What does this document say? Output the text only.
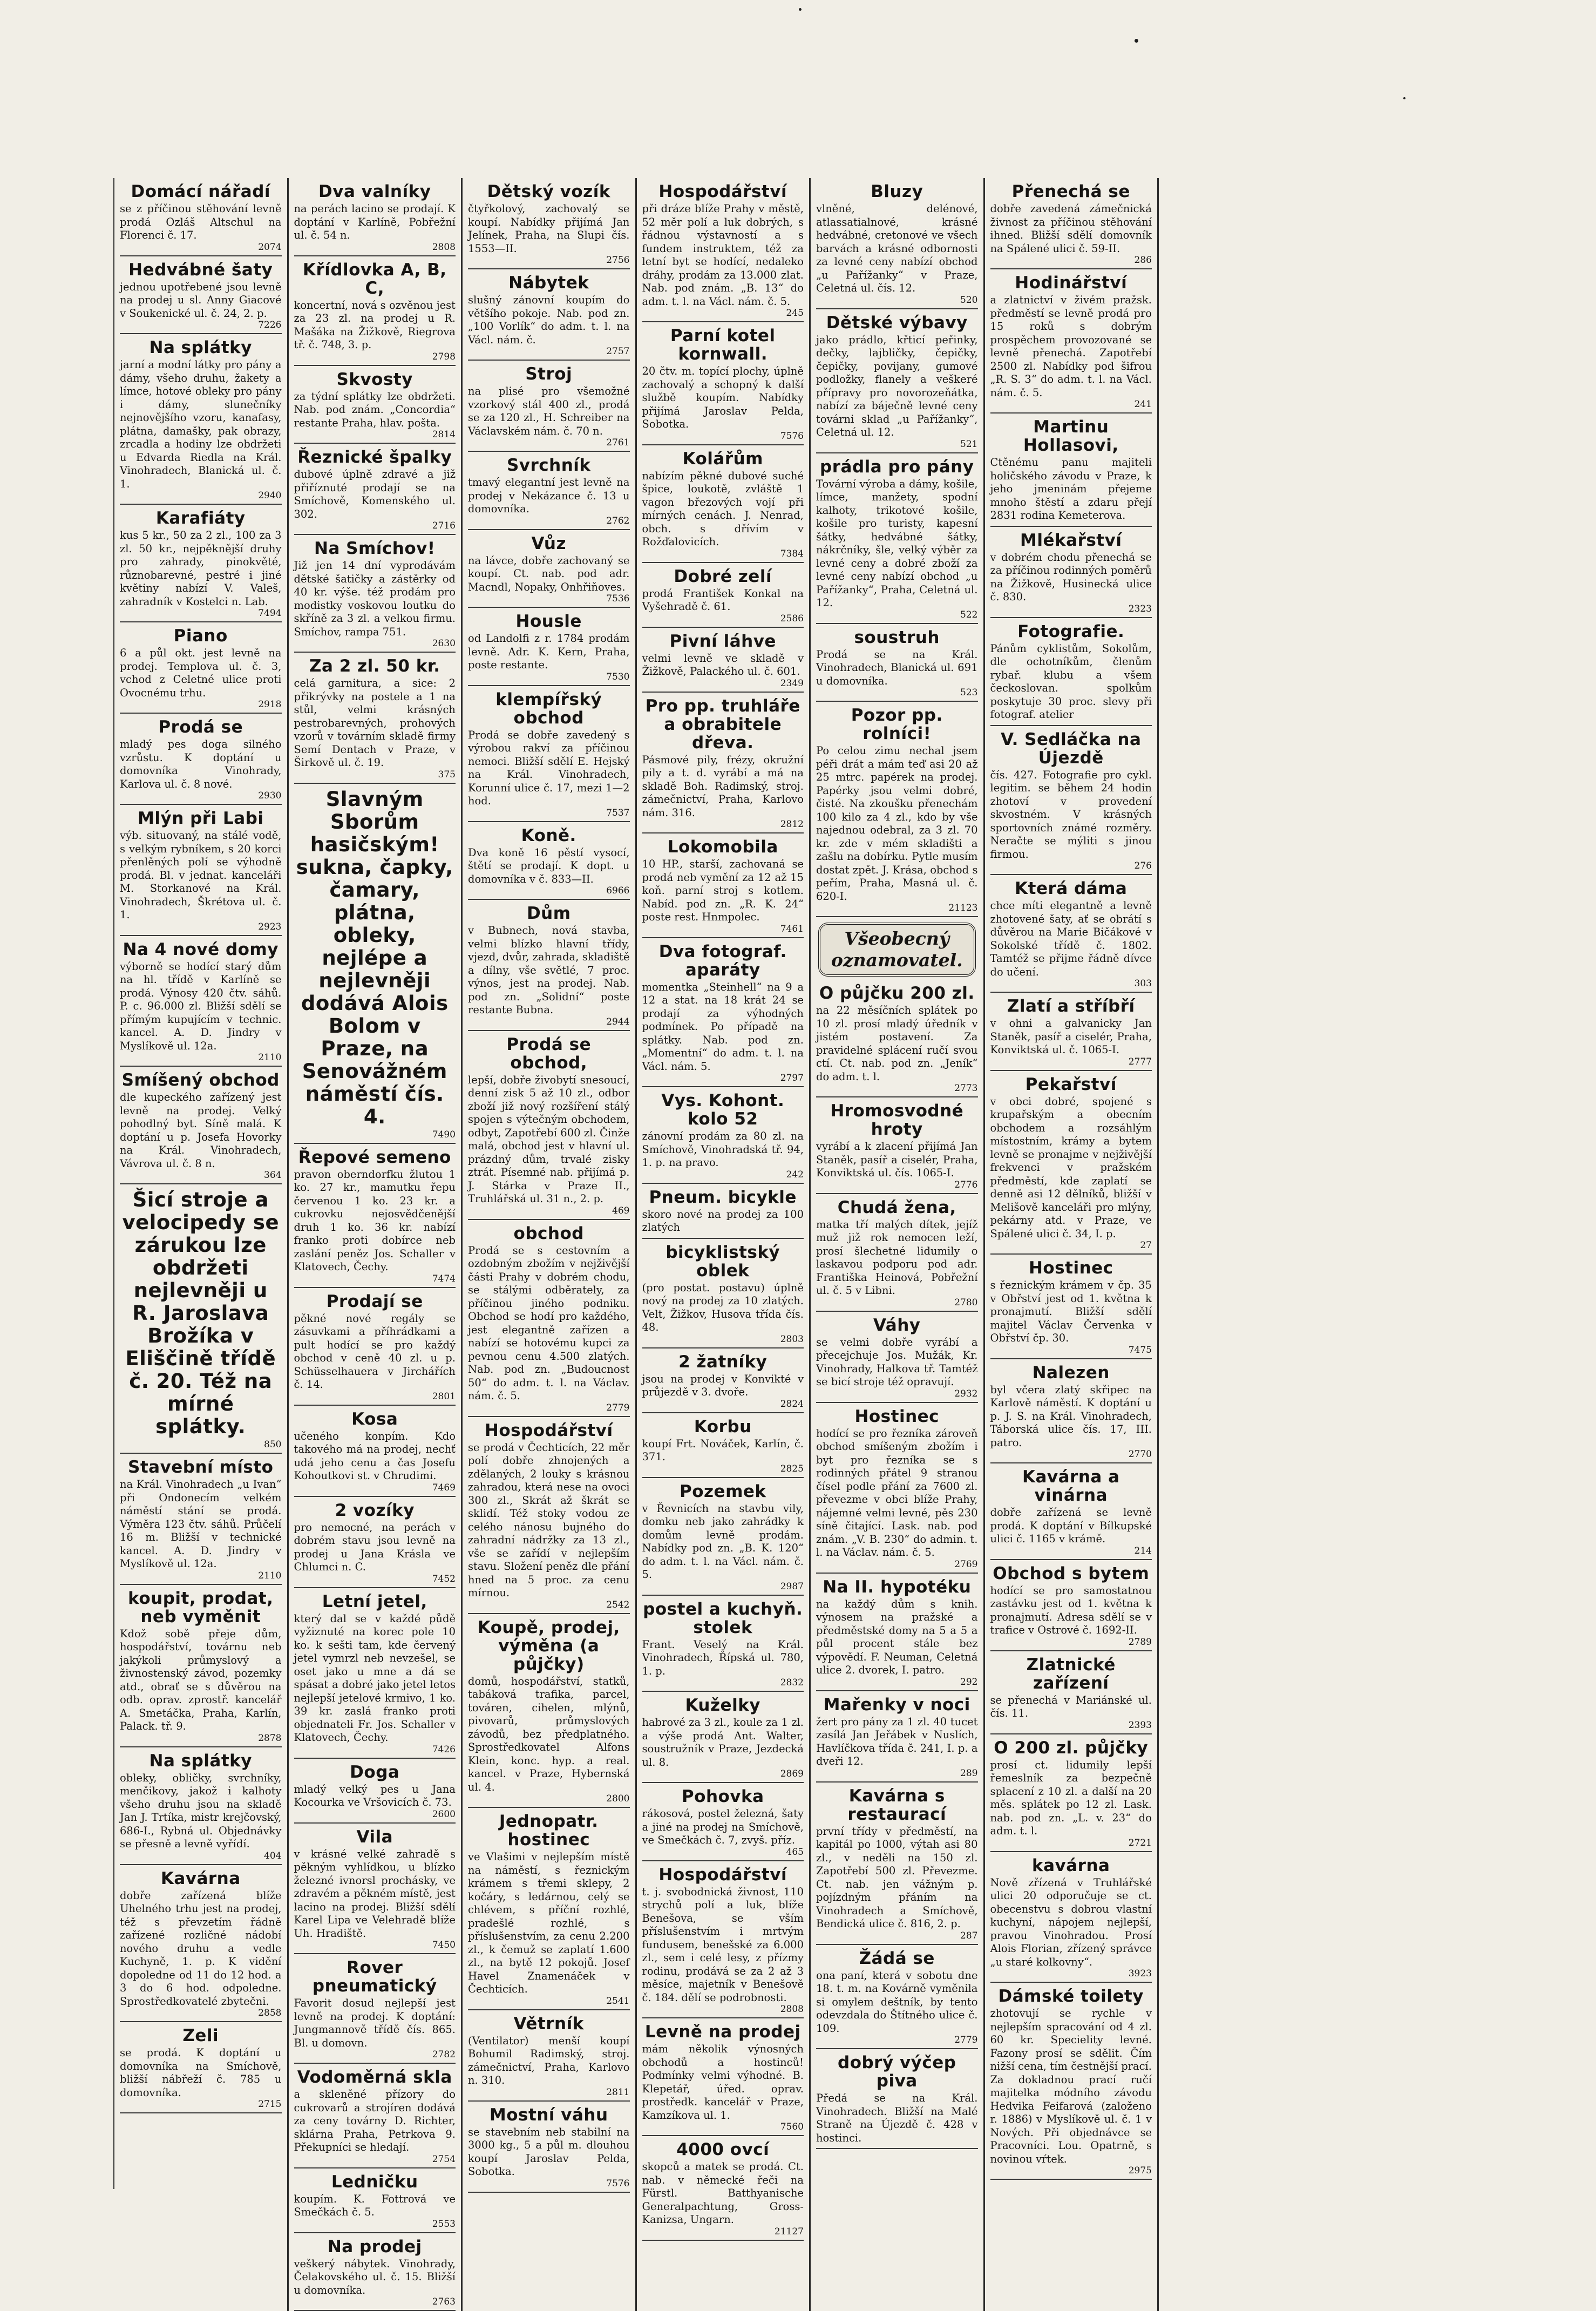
Domácí nářadí

se z příčinou stěhování levně prodá Ozláš Altschul na Florenci č. 17.

2074
Hedvábné šaty

jednou upotřebené jsou levně na prodej u sl. Anny Giacové v Soukenické ul. č. 24, 2. p.

7226
Na splátky

jarní a modní látky pro pány a dámy, všeho druhu, žakety a límce, hotové obleky pro pány i dámy, slunečníky nejnovějšího vzoru, kanafasy, plátna, damašky, pak obrazy, zrcadla a hodiny lze obdržeti u Edvarda Riedla na Král. Vinohradech, Blanická ul. č. 1.

2940
Karafiáty

kus 5 kr., 50 za 2 zl., 100 za 3 zl. 50 kr., nejpěknější druhy pro zahrady, pinokvěté, různobarevné, pestré i jiné květiny nabízí V. Valeš, zahradník v Kostelci n. Lab.

7494
Piano

6 a půl okt. jest levně na prodej. Templova ul. č. 3, vchod z Celetné ulice proti Ovocnému trhu.

2918
Prodá se

mladý pes doga silného vzrůstu. K doptání u domovníka Vinohrady, Karlova ul. č. 8 nové.

2930
Mlýn při Labi

výb. situovaný, na stálé vodě, s velkým rybníkem, s 20 korci přenlěných polí se výhodně prodá. Bl. v jednat. kanceláři M. Storkanové na Král. Vinohradech, Škrétova ul. č. 1.

2923
Na 4 nové domy

výborně se hodící starý dům na hl. třídě v Karlíně se prodá. Výnosy 420 čtv. sáhů. P. c. 96.000 zl. Bližší sdělí se přímým kupujícím v technic. kancel. A. D. Jindry v Myslíkově ul. 12a.

2110
Smíšený obchod

dle kupeckého zařízený jest levně na prodej. Velký pohodlný byt. Síně malá. K doptání u p. Josefa Hovorky na Král. Vinohradech, Vávrova ul. č. 8 n.

364
Šicí stroje a velocipedy se zárukou lze obdržeti nejlevněji u R. Jaroslava Brožíka v Eliščině třídě č. 20. Též na mírné splátky.
850
Stavební místo

na Král. Vinohradech „u Ivan“ při Ondonecím velkém náměstí stání se prodá. Výměra 123 čtv. sáhů. Průčelí 16 m. Bližší v technické kancel. A. D. Jindry v Myslíkově ul. 12a.

2110
koupit, prodat, neb vyměnit

Kdož sobě přeje dům, hospodářství, továrnu neb jakýkoli průmyslový a živnostenský závod, pozemky atd., obrať se s důvěrou na odb. oprav. zprostř. kancelář A. Smetáčka, Praha, Karlín, Palack. tř. 9.

2878
Na splátky

obleky, obličky, svrchníky, menčikovy, jakož i kalhoty všeho druhu jsou na skladě Jan J. Trtíka, mistr krejčovský, 686-I., Rybná ul. Objednávky se přesně a levně vyřídí.

404
Kavárna

dobře zařízená blíže Uhelného trhu jest na prodej, též s převzetím řádně zařízené rozličné nádobí nového druhu a vedle Kuchyně, 1. p. K vidění dopoledne od 11 do 12 hod. a 3 do 6 hod. odpoledne. Sprostředkovatelé zbytečni.

2858
Zeli

se prodá. K doptání u domovníka na Smíchově, bližší nábřeží č. 785 u domovníka.

2715
Dva valníky

na perách lacino se prodají. K doptání v Karlíně, Pobřežní ul. č. 54 n.

2808
Křídlovka A, B, C,

koncertní, nová s ozvěnou jest za 23 zl. na prodej u R. Mašáka na Žižkově, Riegrova tř. č. 748, 3. p.

2798
Skvosty

za týdní splátky lze obdržeti. Nab. pod znám. „Concordia“ restante Praha, hlav. pošta.

2814
Řeznické špalky

dubové úplně zdravé a již přiříznuté prodají se na Smíchově, Komenského ul. 302.

2716
Na Smíchov!

Již jen 14 dní vyprodávám dětské šatičky a zástěrky od 40 kr. výše. též prodám pro modistky voskovou loutku do skříně za 3 zl. a velkou firmu. Smíchov, rampa 751.

2630
Za 2 zl. 50 kr.

celá garnitura, a sice: 2 přikrývky na postele a 1 na stůl, velmi krásných pestrobarevných, prohových vzorů v továrním skladě firmy Semí Dentach v Praze, v Širkově ul. č. 19.

375
Slavným Sborům hasičským! sukna, čapky, čamary, plátna, obleky, nejlépe a nejlevněji dodává Alois Bolom v Praze, na Senovážném náměstí čís. 4.
7490
Řepové semeno

pravon oberndorfku žlutou 1 ko. 27 kr., mamutku řepu červenou 1 ko. 23 kr. a cukrovku nejosvědčenější druh 1 ko. 36 kr. nabízí franko proti dobírce neb zaslání peněz Jos. Schaller v Klatovech, Čechy.

7474
Prodají se

pěkné nové regály se zásuvkami a příhrádkami a pult hodící se pro každý obchod v ceně 40 zl. u p. Schüsselhauera v Jirchářích č. 14.

2801
Kosa

učeného konpím. Kdo takového má na prodej, nechť udá jeho cenu a čas Josefu Kohoutkovi st. v Chrudimi.

7469
2 vozíky

pro nemocné, na perách v dobrém stavu jsou levně na prodej u Jana Krásla ve Chlumci n. C.

7452
Letní jetel,

který dal se v každé půdě vyžiznuté na korec pole 10 ko. k sešti tam, kde červený jetel vymrzl neb nevzešel, se oset jako u mne a dá se spásat a dobré jako jetel letos nejlepší jetelové krmivo, 1 ko. 39 kr. zaslá franko proti objednateli Fr. Jos. Schaller v Klatovech, Čechy.

7426
Doga

mladý velký pes u Jana Kocourka ve Vršovicích č. 73.

2600
Vila

v krásné velké zahradě s pěkným vyhlídkou, u blízko železné ivnorsl prochásky, ve zdravém a pěkném místě, jest lacino na prodej. Bližší sdělí Karel Lipa ve Velehradě blíže Uh. Hradiště.

7450
Rover pneumatický

Favorit dosud nejlepší jest levně na prodej. K doptání: Jungmannově třídě čís. 865. Bl. u domovn.

2782
Vodoměrná skla

a skleněné přízory do cukrovarů a strojíren dodává za ceny továrny D. Richter, sklárna Praha, Petrkova 9. Překupníci se hledají.

2754
Ledničku

koupím. K. Fottrová ve Smečkách č. 5.

2553
Na prodej

veškerý nábytek. Vinohrady, Čelakovského ul. č. 15. Bližší u domovníka.

2763
Dětský vozík

čtyřkolový, zachovalý se koupí. Nabídky přijímá Jan Jelínek, Praha, na Slupi čís. 1553—II.

2756
Nábytek

slušný zánovní koupím do většího pokoje. Nab. pod zn. „100 Vorlík“ do adm. t. l. na Václ. nám. č.

2757
Stroj

na plisé pro všemožné vzorkový stál 400 zl., prodá se za 120 zl., H. Schreiber na Václavském nám. č. 70 n.

2761
Svrchník

tmavý elegantní jest levně na prodej v Nekázance č. 13 u domovníka.

2762
Vůz

na lávce, dobře zachovaný se koupí. Ct. nab. pod adr. Macndl, Nopaky, Onhřiňoves.

7536
Housle

od Landolfi z r. 1784 prodám levně. Adr. K. Kern, Praha, poste restante.

7530
klempířský obchod

Prodá se dobře zavedený s výrobou rakví za příčinou nemoci. Bližší sdělí E. Hejský na Král. Vinohradech, Korunní ulice č. 17, mezi 1—2 hod.

7537
Koně.

Dva koně 16 pěstí vysocí, štětí se prodají. K dopt. u domovníka v č. 833—II.

6966
Dům

v Bubnech, nová stavba, velmi blízko hlavní třídy, vjezd, dvůr, zahrada, skladiště a dílny, vše světlé, 7 proc. výnos, jest na prodej. Nab. pod zn. „Solidní“ poste restante Bubna.

2944
Prodá se obchod,

lepší, dobře živobytí snesoucí, denní zisk 5 až 10 zl., odbor zboží již nový rozšíření stálý spojen s výtečným obchodem, odbyt, Zapotřebí 600 zl. Činže malá, obchod jest v hlavní ul. prázdný dům, trvalé zisky ztrát. Písemné nab. přijímá p. J. Stárka v Praze II., Truhlářská ul. 31 n., 2. p.

469
obchod

Prodá se s cestovním a ozdobným zbožím v nejživější části Prahy v dobrém chodu, se stálými odběrately, za příčinou jiného podniku. Obchod se hodí pro každého, jest elegantně zařízen a nabízí se hotovému kupci za pevnou cenu 4.500 zlatých. Nab. pod zn. „Budoucnost 50“ do adm. t. l. na Václav. nám. č. 5.

2779
Hospodářství

se prodá v Čechticích, 22 měr polí dobře zhnojených a zdělaných, 2 louky s krásnou zahradou, která nese na ovoci 300 zl., Skrát až škrát se sklidí. Též stoky vodou ze celého nánosu bujného do zahradní nádržky za 13 zl., vše se zařídí v nejlepším stavu. Složení peněz dle přání hned na 5 proc. za cenu mírnou.

2542
Koupě, prodej, výměna (a půjčky)

domů, hospodářství, statků, tabáková trafika, parcel, továren, cihelen, mlýnů, pivovarů, průmyslových závodů, bez předplatného. Sprostředkovatel Alfons Klein, konc. hyp. a real. kancel. v Praze, Hybernská ul. 4.

2800
Jednopatr. hostinec

ve Vlašimi v nejlepším místě na náměstí, s řeznickým krámem s třemi sklepy, 2 kočáry, s ledárnou, celý se chlévem, s příční rozhlé, pradešlé rozhlé, s příslušenstvím, za cenu 2.200 zl., k čemuž se zaplatí 1.600 zl., na bytě 12 pokojů. Josef Havel Znamenáček v Čechticích.

2541
Větrník

(Ventilator) menší koupí Bohumil Radimský, stroj. zámečnictví, Praha, Karlovo n. 310.

2811
Mostní váhu

se stavebním neb stabilní na 3000 kg., 5 a půl m. dlouhou koupí Jaroslav Pelda, Sobotka.

7576
Hospodářství

při dráze blíže Prahy v městě, 52 měr polí a luk dobrých, s řádnou výstavností a s fundem instruktem, též za letní byt se hodící, nedaleko dráhy, prodám za 13.000 zlat. Nab. pod znám. „B. 13“ do adm. t. l. na Václ. nám. č. 5.

245
Parní kotel kornwall.

20 čtv. m. topící plochy, úplně zachovalý a schopný k další službě koupím. Nabídky přijímá Jaroslav Pelda, Sobotka.

7576
Kolářům

nabízím pěkné dubové suché špice, loukotě, zvláště 1 vagon březových vojí při mírných cenách. J. Nenrad, obch. s dřívím v Rožďalovicích.

7384
Dobré zelí

prodá František Konkal na Vyšehradě č. 61.

2586
Pivní láhve

velmi levně ve skladě v Žižkově, Palackého ul. č. 601.

2349
Pro pp. truhláře a obrabitele dřeva.

Pásmové pily, frézy, okružní pily a t. d. vyrábí a má na skladě Boh. Radimský, stroj. zámečnictví, Praha, Karlovo nám. 316.

2812
Lokomobila

10 HP., starší, zachovaná se prodá neb vymění za 12 až 15 koň. parní stroj s kotlem. Nabíd. pod zn. „R. K. 24“ poste rest. Hnmpolec.

7461
Dva fotograf. aparáty

momentka „Steinhell“ na 9 a 12 a stat. na 18 krát 24 se prodají za výhodných podmínek. Po případě na splátky. Nab. pod zn. „Momentní“ do adm. t. l. na Václ. nám. 5.

2797
Vys. Kohont. kolo 52

zánovní prodám za 80 zl. na Smíchově, Vinohradská tř. 94, 1. p. na pravo.

242
Pneum. bicykle

skoro nové na prodej za 100 zlatých

bicyklistský oblek

(pro postat. postavu) úplně nový na prodej za 10 zlatých. Velt, Žižkov, Husova třída čís. 48.

2803
2 žatníky

jsou na prodej v Konvikté v průjezdě v 3. dvoře.

2824
Korbu

koupí Frt. Nováček, Karlín, č. 371.

2825
Pozemek

v Řevnicích na stavbu vily, domku neb jako zahrádky k domům levně prodám. Nabídky pod zn. „B. K. 120“ do adm. t. l. na Václ. nám. č. 5.

2987
postel a kuchyň. stolek

Frant. Veselý na Král. Vinohradech, Řípská ul. 780, 1. p.

2832
Kuželky

habrové za 3 zl., koule za 1 zl. a výše prodá Ant. Walter, soustružník v Praze, Jezdecká ul. 8.

2869
Pohovka

rákosová, postel železná, šaty a jiné na prodej na Smíchově, ve Smečkách č. 7, zvyš. příz.

465
Hospodářství

t. j. svobodnická živnost, 110 strychů polí a luk, blíže Benešova, se vším příslušenstvím i mrtvým fundusem, benešské za 6.000 zl., sem i celé lesy, z přízmy rodinu, prodává se za 2 až 3 měsíce, majetník v Benešově č. 184. dělí se podrobnosti.

2808
Levně na prodej

mám několik výnosných obchodů a hostinců! Podmínky velmi výhodné. B. Klepetář, úřed. oprav. prostředk. kancelář v Praze, Kamzíkova ul. 1.

7560
4000 ovcí

skopců a matek se prodá. Ct. nab. v německé řeči na Fürstl. Batthyanische Generalpachtung, Gross-Kanizsa, Ungarn.

21127
Bluzy

vlněné, delénové, atlassatialnové, krásné hedvábné, cretonové ve všech barvách a krásné odbornosti za levné ceny nabízí obchod „u Pařížanky“ v Praze, Celetná ul. čís. 12.

520
Dětské výbavy

jako prádlo, křticí peřinky, dečky, lajbličky, čepičky, čepičky, povijany, gumové podložky, flanely a veškeré přípravy pro novorozeňátka, nabízí za báječně levné ceny továrni sklad „u Pařížanky“, Celetná ul. 12.

521
prádla pro pány

Tovární výroba a dámy, košile, límce, manžety, spodní kalhoty, trikotové košile, košile pro turisty, kapesní šátky, hedvábné šátky, nákrčníky, šle, velký výběr za levné ceny a dobré zboží za levné ceny nabízí obchod „u Pařížanky“, Praha, Celetná ul. 12.

522
soustruh

Prodá se na Král. Vinohradech, Blanická ul. 691 u domovníka.

523
Pozor pp. rolníci!

Po celou zimu nechal jsem péři drát a mám teď asi 20 až 25 mtrc. papérek na prodej. Papérky jsou velmi dobré, čisté. Na zkoušku přenechám 100 kilo za 4 zl., kdo by vše najednou odebral, za 3 zl. 70 kr. zde v mém skladišti a zašlu na dobírku. Pytle musím dostat zpět. J. Krása, obchod s peřím, Praha, Masná ul. č. 620-I.

21123
Všeobecný oznamovatel.
O půjčku 200 zl.

na 22 měsíčních splátek po 10 zl. prosí mladý úředník v jistém postavení. Za pravidelné splácení ručí svou ctí. Ct. nab. pod zn. „Jeník“ do adm. t. l.

2773
Hromosvodné hroty

vyrábí a k zlacení přijímá Jan Staněk, pasíř a ciselér, Praha, Konviktská ul. čís. 1065-I.

2776
Chudá žena,

matka tří malých dítek, jejíž muž již rok nemocen leží, prosí šlechetné lidumily o laskavou podporu pod adr. Františka Heinová, Pobřežní ul. č. 5 v Libni.

2780
Váhy

se velmi dobře vyrábí a přecejchuje Jos. Mužák, Kr. Vinohrady, Halkova tř. Tamtéž se bicí stroje též opravují.

2932
Hostinec

hodící se pro řezníka zároveň obchod smíšeným zbožím i byt pro řezníka se s rodinných přátel 9 stranou čísel podle přání za 7600 zl. převezme v obci blíže Prahy, nájemné velmi levné, pěs 230 síně čitající. Lask. nab. pod znám. „V. B. 230“ do admin. t. l. na Václav. nám. č. 5.

2769
Na II. hypotéku

na každý dům s knih. výnosem na pražské a předměstské domy na 5 a 5 a půl procent stále bez výpovědí. F. Neuman, Celetná ulice 2. dvorek, I. patro.

292
Mařenky v noci

žert pro pány za 1 zl. 40 tucet zasílá Jan Jeřábek v Nuslích, Havlíčkova třída č. 241, I. p. a dveři 12.

289
Kavárna s restaurací

první třídy v předměstí, na kapitál po 1000, výtah asi 80 zl., v neděli na 150 zl. Zapotřebí 500 zl. Převezme. Ct. nab. jen vážným p. pojízdným přáním na Vinohradech a Smíchově, Bendická ulice č. 816, 2. p.

287
Žádá se

ona paní, která v sobotu dne 18. t. m. na Kovárně vyměnila si omylem deštník, by tento odevzdala do Štítného ulice č. 109.

2779
dobrý výčep piva

Předá se na Král. Vinohradech. Bližší na Malé Straně na Újezdě č. 428 v hostinci.

Přenechá se

dobře zavedená zámečnická živnost za příčinou stěhování ihned. Bližší sdělí domovník na Spálené ulici č. 59-II.

286
Hodinářství

a zlatnictví v živém pražsk. předměstí se levně prodá pro 15 roků s dobrým prospěchem provozované se levně přenechá. Zapotřebí 2500 zl. Nabídky pod šifrou „R. S. 3“ do adm. t. l. na Václ. nám. č. 5.

241
Martinu Hollasovi,

Ctěnému panu majiteli holičského závodu v Praze, k jeho jmeninám přejeme mnoho štěstí a zdaru přejí 2831 rodina Kemeterova.

Mlékařství

v dobrém chodu přenechá se za příčinou rodinných poměrů na Žižkově, Husinecká ulice č. 830.

2323
Fotografie.

Pánům cyklistům, Sokolům, dle ochotníkům, členům rybař. klubu a všem čeckoslovan. spolkům poskytuje 30 proc. slevy při fotograf. atelier

V. Sedláčka na Újezdě

čís. 427. Fotografie pro cykl. legitim. se během 24 hodin zhotoví v provedení skvostném. V krásných sportovních známé rozměry. Neračte se mýliti s jinou firmou.

276
Která dáma

chce míti elegantně a levně zhotovené šaty, ať se obrátí s důvěrou na Marie Bičákové v Sokolské třídě č. 1802. Tamtéž se přijme řádně dívce do učení.

303
Zlatí a stříbří

v ohni a galvanicky Jan Staněk, pasíř a ciselér, Praha, Konviktská ul. č. 1065-I.

2777
Pekařství

v obci dobré, spojené s krupařským a obecním obchodem a rozsáhlým místostním, krámy a bytem levně se pronajme v nejživější frekvenci v pražském předměstí, kde zaplatí se denně asi 12 dělníků, bližší v Melišově kanceláři pro mlýny, pekárny atd. v Praze, ve Spálené ulici č. 34, I. p.

27
Hostinec

s řeznickým krámem v čp. 35 v Obřství jest od 1. května k pronajmutí. Bližší sdělí majitel Václav Červenka v Obřství čp. 30.

7475
Nalezen

byl včera zlatý skřipec na Karlově náměstí. K doptání u p. J. S. na Král. Vinohradech, Táborská ulice čís. 17, III. patro.

2770
Kavárna a vinárna

dobře zařízená se levně prodá. K doptání v Bílkupské ulici č. 1165 v krámě.

214
Obchod s bytem

hodící se pro samostatnou zastávku jest od 1. května k pronajmutí. Adresa sdělí se v trafice v Ostrové č. 1692-II.

2789
Zlatnické zařízení

se přenechá v Mariánské ul. čís. 11.

2393
O 200 zl. půjčky

prosí ct. lidumily lepší řemeslník za bezpečně splacení z 10 zl. a další na 20 měs. splátek po 12 zl. Lask. nab. pod zn. „L. v. 23“ do adm. t. l.

2721
kavárna

Nově zřízená v Truhlářské ulici 20 odporučuje se ct. obecenstvu s dobrou vlastní kuchyní, nápojem nejlepší, pravou Vinohradou. Prosí Alois Florian, zřízený správce „u staré kolkovny“.

3923
Dámské toilety

zhotovují se rychle v nejlepším spracování od 4 zl. 60 kr. Specielity levné. Fazony prosí se sdělit. Čím nižší cena, tím čestnější prací. Za dokladnou prací ručí majitelka módního závodu Hedvika Feifarová (založeno r. 1886) v Myslíkově ul. č. 1 v Nových. Při objednávce se Pracovníci. Lou. Opatrně, s novinou vŕtek.

2975
